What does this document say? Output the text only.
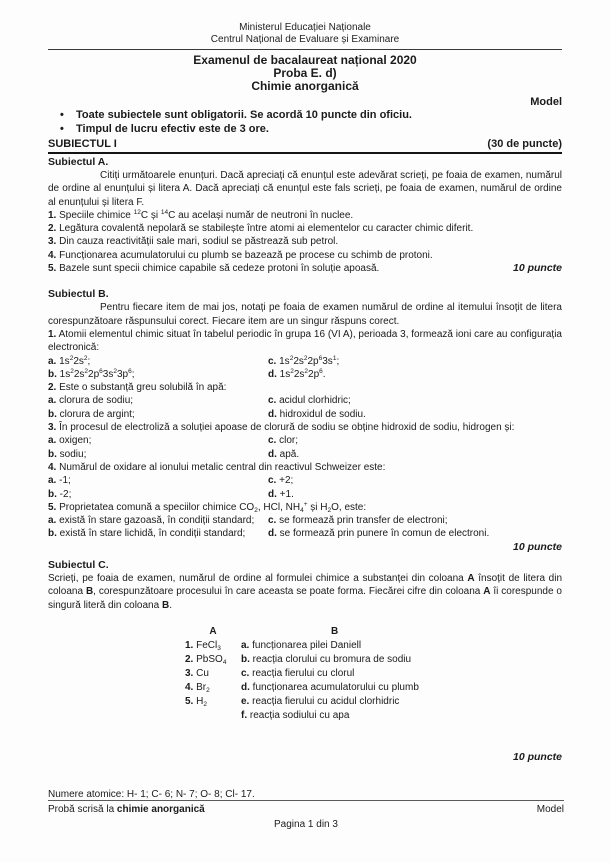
Ministerul Educației Naționale
Centrul Național de Evaluare și Examinare
Examenul de bacalaureat național 2020
Proba E. d)
Chimie anorganică
Model
•	Toate subiectele sunt obligatorii. Se acordă 10 puncte din oficiu.
•	Timpul de lucru efectiv este de 3 ore.
SUBIECTUL I	(30 de puncte)
Subiectul A.

Citiți următoarele enunțuri. Dacă apreciați că enunțul este adevărat scrieți, pe foaia de examen, numărul de ordine al enunțului și litera A. Dacă apreciați că enunțul este fals scrieți, pe foaia de examen, numărul de ordine al enunțului și litera F.

1. Speciile chimice $^{12}$C și $^{14}$C au același număr de neutroni în nuclee.
2. Legătura covalentă nepolară se stabilește între atomi ai elementelor cu caracter chimic diferit.
3. Din cauza reactivității sale mari, sodiul se păstrează sub petrol.
4. Funcționarea acumulatorului cu plumb se bazează pe procese cu schimb de protoni.
5. Bazele sunt specii chimice capabile să cedeze protoni în soluție apoasă.	10 puncte
Subiectul B.

Pentru fiecare item de mai jos, notați pe foaia de examen numărul de ordine al itemului însoțit de litera corespunzătoare răspunsului corect. Fiecare item are un singur răspuns corect.

1. Atomii elementul chimic situat în tabelul periodic în grupa 16 (VI A), perioada 3, formează ioni care au configurația electronică:

a. $1s^22s^2$;	c. $1s^22s^22p^63s^1$;
b. $1s^22s^22p^63s^23p^6$;	d. $1s^22s^22p^6$.

2. Este o substanță greu solubilă în apă:

a. clorura de sodiu;	c. acidul clorhidric;
b. clorura de argint;	d. hidroxidul de sodiu.

3. În procesul de electroliză a soluției apoase de clorură de sodiu se obține hidroxid de sodiu, hidrogen și:

a. oxigen;	c. clor;
b. sodiu;	d. apă.

4. Numărul de oxidare al ionului metalic central din reactivul Schweizer este:

a. -1;	c. +2;
b. -2;	d. +1.

5. Proprietatea comună a speciilor chimice $CO_2$, HCl, $NH_4^+$ și $H_2O$, este:

a. există în stare gazoasă, în condiții standard;	c. se formează prin transfer de electroni;
b. există în stare lichidă, în condiții standard;	d. se formează prin punere în comun de electroni.
10 puncte
Subiectul C.

Scrieți, pe foaia de examen, numărul de ordine al formulei chimice a substanței din coloana A însoțit de litera din coloana B, corespunzătoare procesului în care aceasta se poate forma. Fiecărei cifre din coloana A îi corespunde o singură literă din coloana B.

A	B
1. FeCl$_3$	a. funcționarea pilei Daniell
2. PbSO$_4$	b. reacția clorului cu bromura de sodiu
3. Cu	c. reacția fierului cu clorul
4. $Br_2$	d. funcționarea acumulatorului cu plumb
5. $H_2$	e. reacția fierului cu acidul clorhidric
f. reacția sodiului cu apa
10 puncte
Numere atomice: H- 1; C- 6; N- 7; O- 8; Cl- 17.
Probă scrisă la chimie anorganică	Model
Pagina 1 din 3
